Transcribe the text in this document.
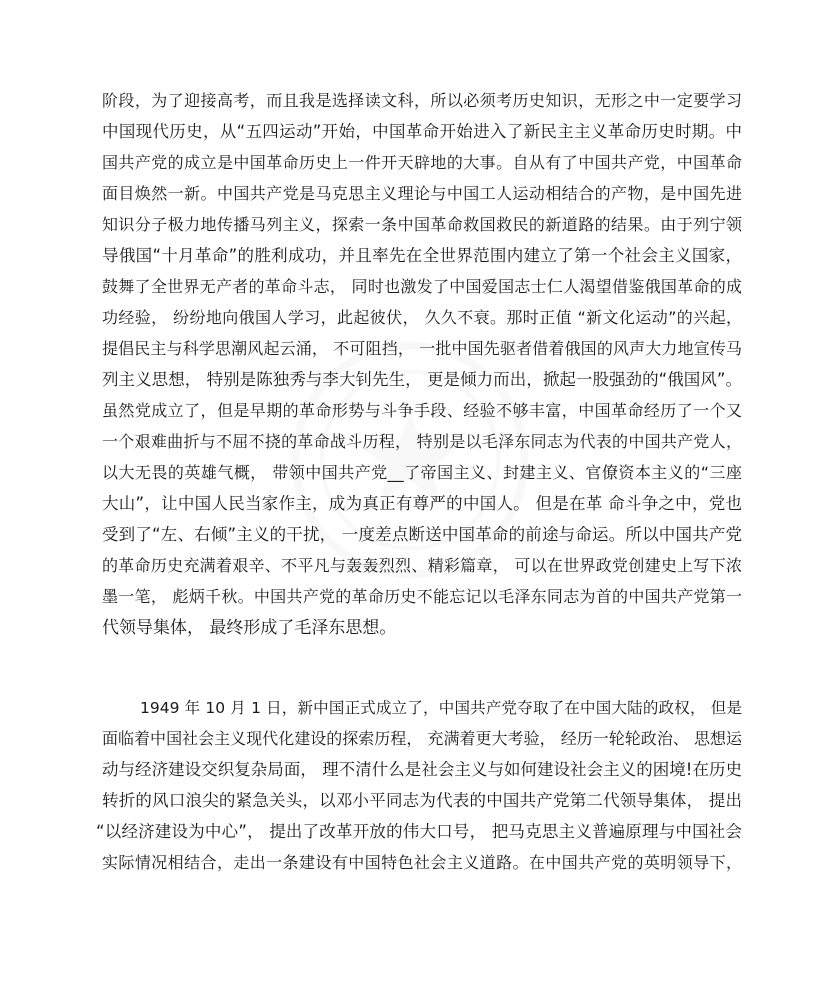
阶段，为了迎接高考，而且我是选择读文科，所以必须考历史知识，无形之中一定要学习
中国现代历史，从“五四运动”开始，中国革命开始进入了新民主主义革命历史时期。中
国共产党的成立是中国革命历史上一件开天辟地的大事。自从有了中国共产党，中国革命
面目焕然一新。中国共产党是马克思主义理论与中国工人运动相结合的产物，是中国先进
知识分子极力地传播马列主义，探索一条中国革命救国救民的新道路的结果。由于列宁领
导俄国“十月革命”的胜利成功，并且率先在全世界范围内建立了第一个社会主义国家，
鼓舞了全世界无产者的革命斗志， 同时也激发了中国爱国志士仁人渴望借鉴俄国革命的成
功经验， 纷纷地向俄国人学习，此起彼伏， 久久不衰。那时正值 “新文化运动”的兴起，
提倡民主与科学思潮风起云涌， 不可阻挡， 一批中国先驱者借着俄国的风声大力地宣传马
列主义思想， 特别是陈独秀与李大钊先生， 更是倾力而出，掀起一股强劲的“俄国风”。
虽然党成立了，但是早期的革命形势与斗争手段、经验不够丰富，中国革命经历了一个又
一个艰难曲折与不屈不挠的革命战斗历程， 特别是以毛泽东同志为代表的中国共产党人，
以大无畏的英雄气概， 带领中国共产党__了帝国主义、封建主义、官僚资本主义的“三座
大山”，让中国人民当家作主，成为真正有尊严的中国人。 但是在革 命斗争之中，党也
受到了“左、右倾”主义的干扰， 一度差点断送中国革命的前途与命运。所以中国共产党
的革命历史充满着艰辛、不平凡与轰轰烈烈、精彩篇章， 可以在世界政党创建史上写下浓
墨一笔， 彪炳千秋。中国共产党的革命历史不能忘记以毛泽东同志为首的中国共产党第一
代领导集体， 最终形成了毛泽东思想。
1949 年 10 月 1 日，新中国正式成立了，中国共产党夺取了在中国大陆的政权， 但是
面临着中国社会主义现代化建设的探索历程， 充满着更大考验， 经历一轮轮政治、 思想运
动与经济建设交织复杂局面， 理不清什么是社会主义与如何建设社会主义的困境!在历史
转折的风口浪尖的紧急关头，以邓小平同志为代表的中国共产党第二代领导集体， 提出
“以经济建设为中心”， 提出了改革开放的伟大口号， 把马克思主义普遍原理与中国社会
实际情况相结合，走出一条建设有中国特色社会主义道路。在中国共产党的英明领导下，
